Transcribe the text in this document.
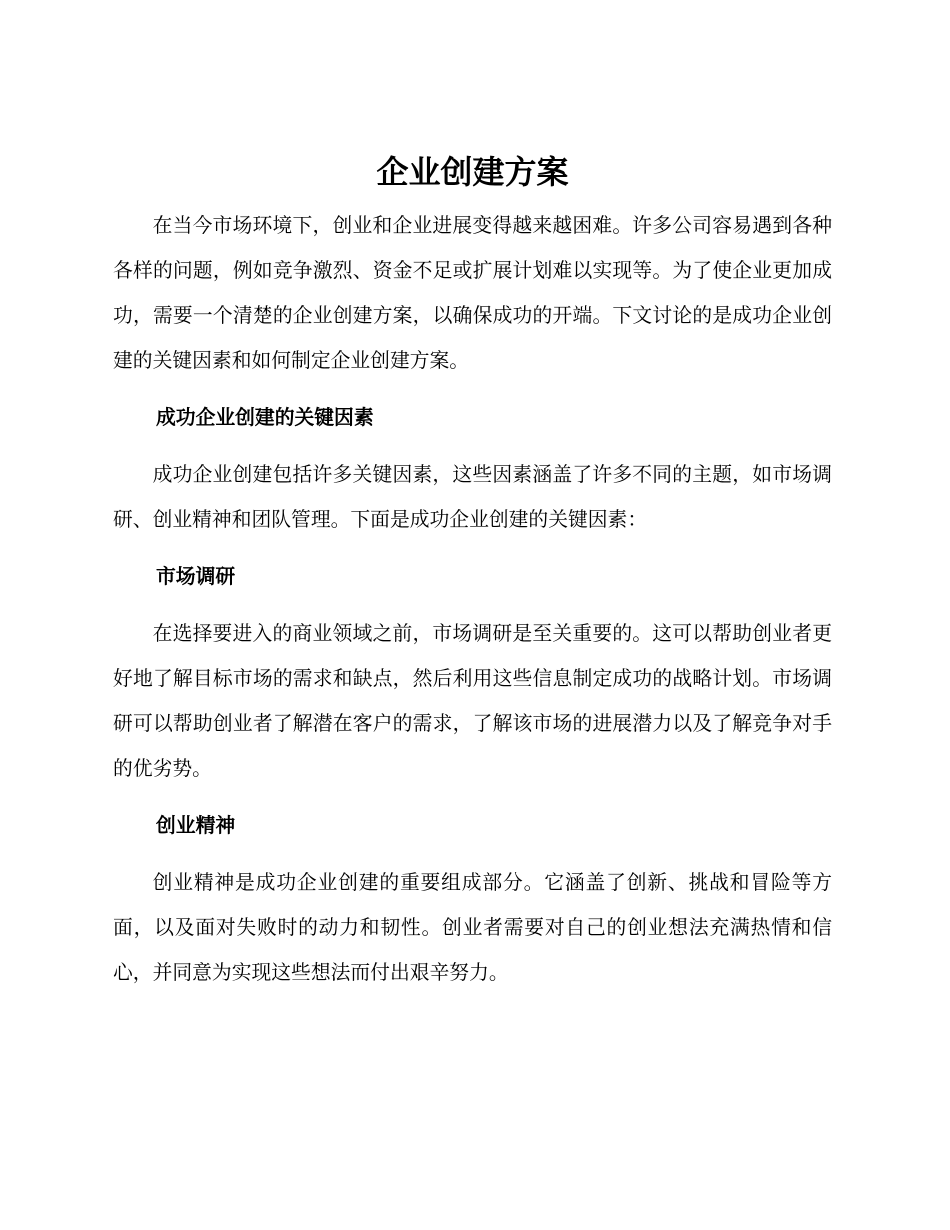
企业创建方案

在当今市场环境下，创业和企业进展变得越来越困难。许多公司容易遇到各种各样的问题，例如竞争激烈、资金不足或扩展计划难以实现等。为了使企业更加成功，需要一个清楚的企业创建方案，以确保成功的开端。下文讨论的是成功企业创建的关键因素和如何制定企业创建方案。

成功企业创建的关键因素

成功企业创建包括许多关键因素，这些因素涵盖了许多不同的主题，如市场调研、创业精神和团队管理。下面是成功企业创建的关键因素：

市场调研

在选择要进入的商业领域之前，市场调研是至关重要的。这可以帮助创业者更好地了解目标市场的需求和缺点，然后利用这些信息制定成功的战略计划。市场调研可以帮助创业者了解潜在客户的需求，了解该市场的进展潜力以及了解竞争对手的优劣势。

创业精神

创业精神是成功企业创建的重要组成部分。它涵盖了创新、挑战和冒险等方面，以及面对失败时的动力和韧性。创业者需要对自己的创业想法充满热情和信心，并同意为实现这些想法而付出艰辛努力。
